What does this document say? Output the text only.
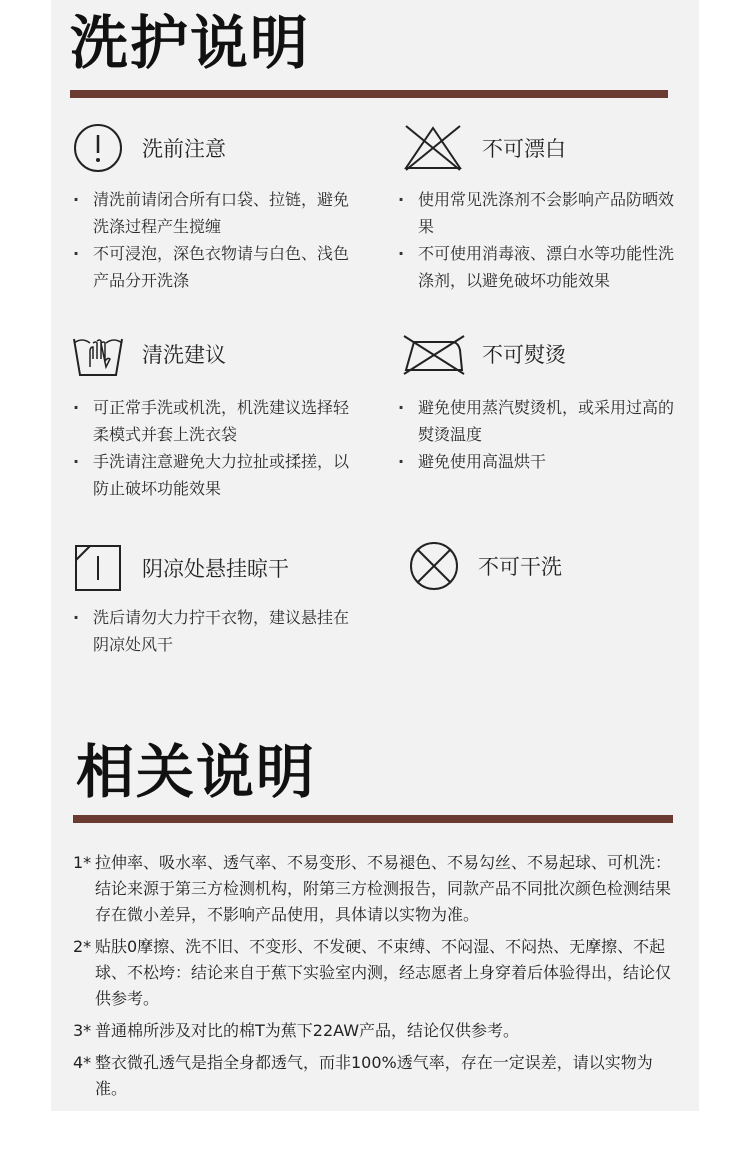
洗护说明
洗前注意
· 清洗前请闭合所有口袋、拉链，避免洗涤过程产生搅缠
· 不可浸泡，深色衣物请与白色、浅色产品分开洗涤
不可漂白
· 使用常见洗涤剂不会影响产品防晒效果
· 不可使用消毒液、漂白水等功能性洗涤剂，以避免破坏功能效果
清洗建议
· 可正常手洗或机洗，机洗建议选择轻柔模式并套上洗衣袋
· 手洗请注意避免大力拉扯或揉搓，以防止破坏功能效果
不可熨烫
· 避免使用蒸汽熨烫机，或采用过高的熨烫温度
· 避免使用高温烘干
阴凉处悬挂晾干
· 洗后请勿大力拧干衣物，建议悬挂在阴凉处风干
不可干洗
相关说明
1* 拉伸率、吸水率、透气率、不易变形、不易褪色、不易勾丝、不易起球、可机洗：结论来源于第三方检测机构，附第三方检测报告，同款产品不同批次颜色检测结果存在微小差异，不影响产品使用，具体请以实物为准。
2* 贴肤0摩擦、洗不旧、不变形、不发硬、不束缚、不闷湿、不闷热、无摩擦、不起球、不松垮：结论来自于蕉下实验室内测，经志愿者上身穿着后体验得出，结论仅供参考。
3* 普通棉所涉及对比的棉T为蕉下22AW产品，结论仅供参考。
4* 整衣微孔透气是指全身都透气，而非100%透气率，存在一定误差，请以实物为准。
